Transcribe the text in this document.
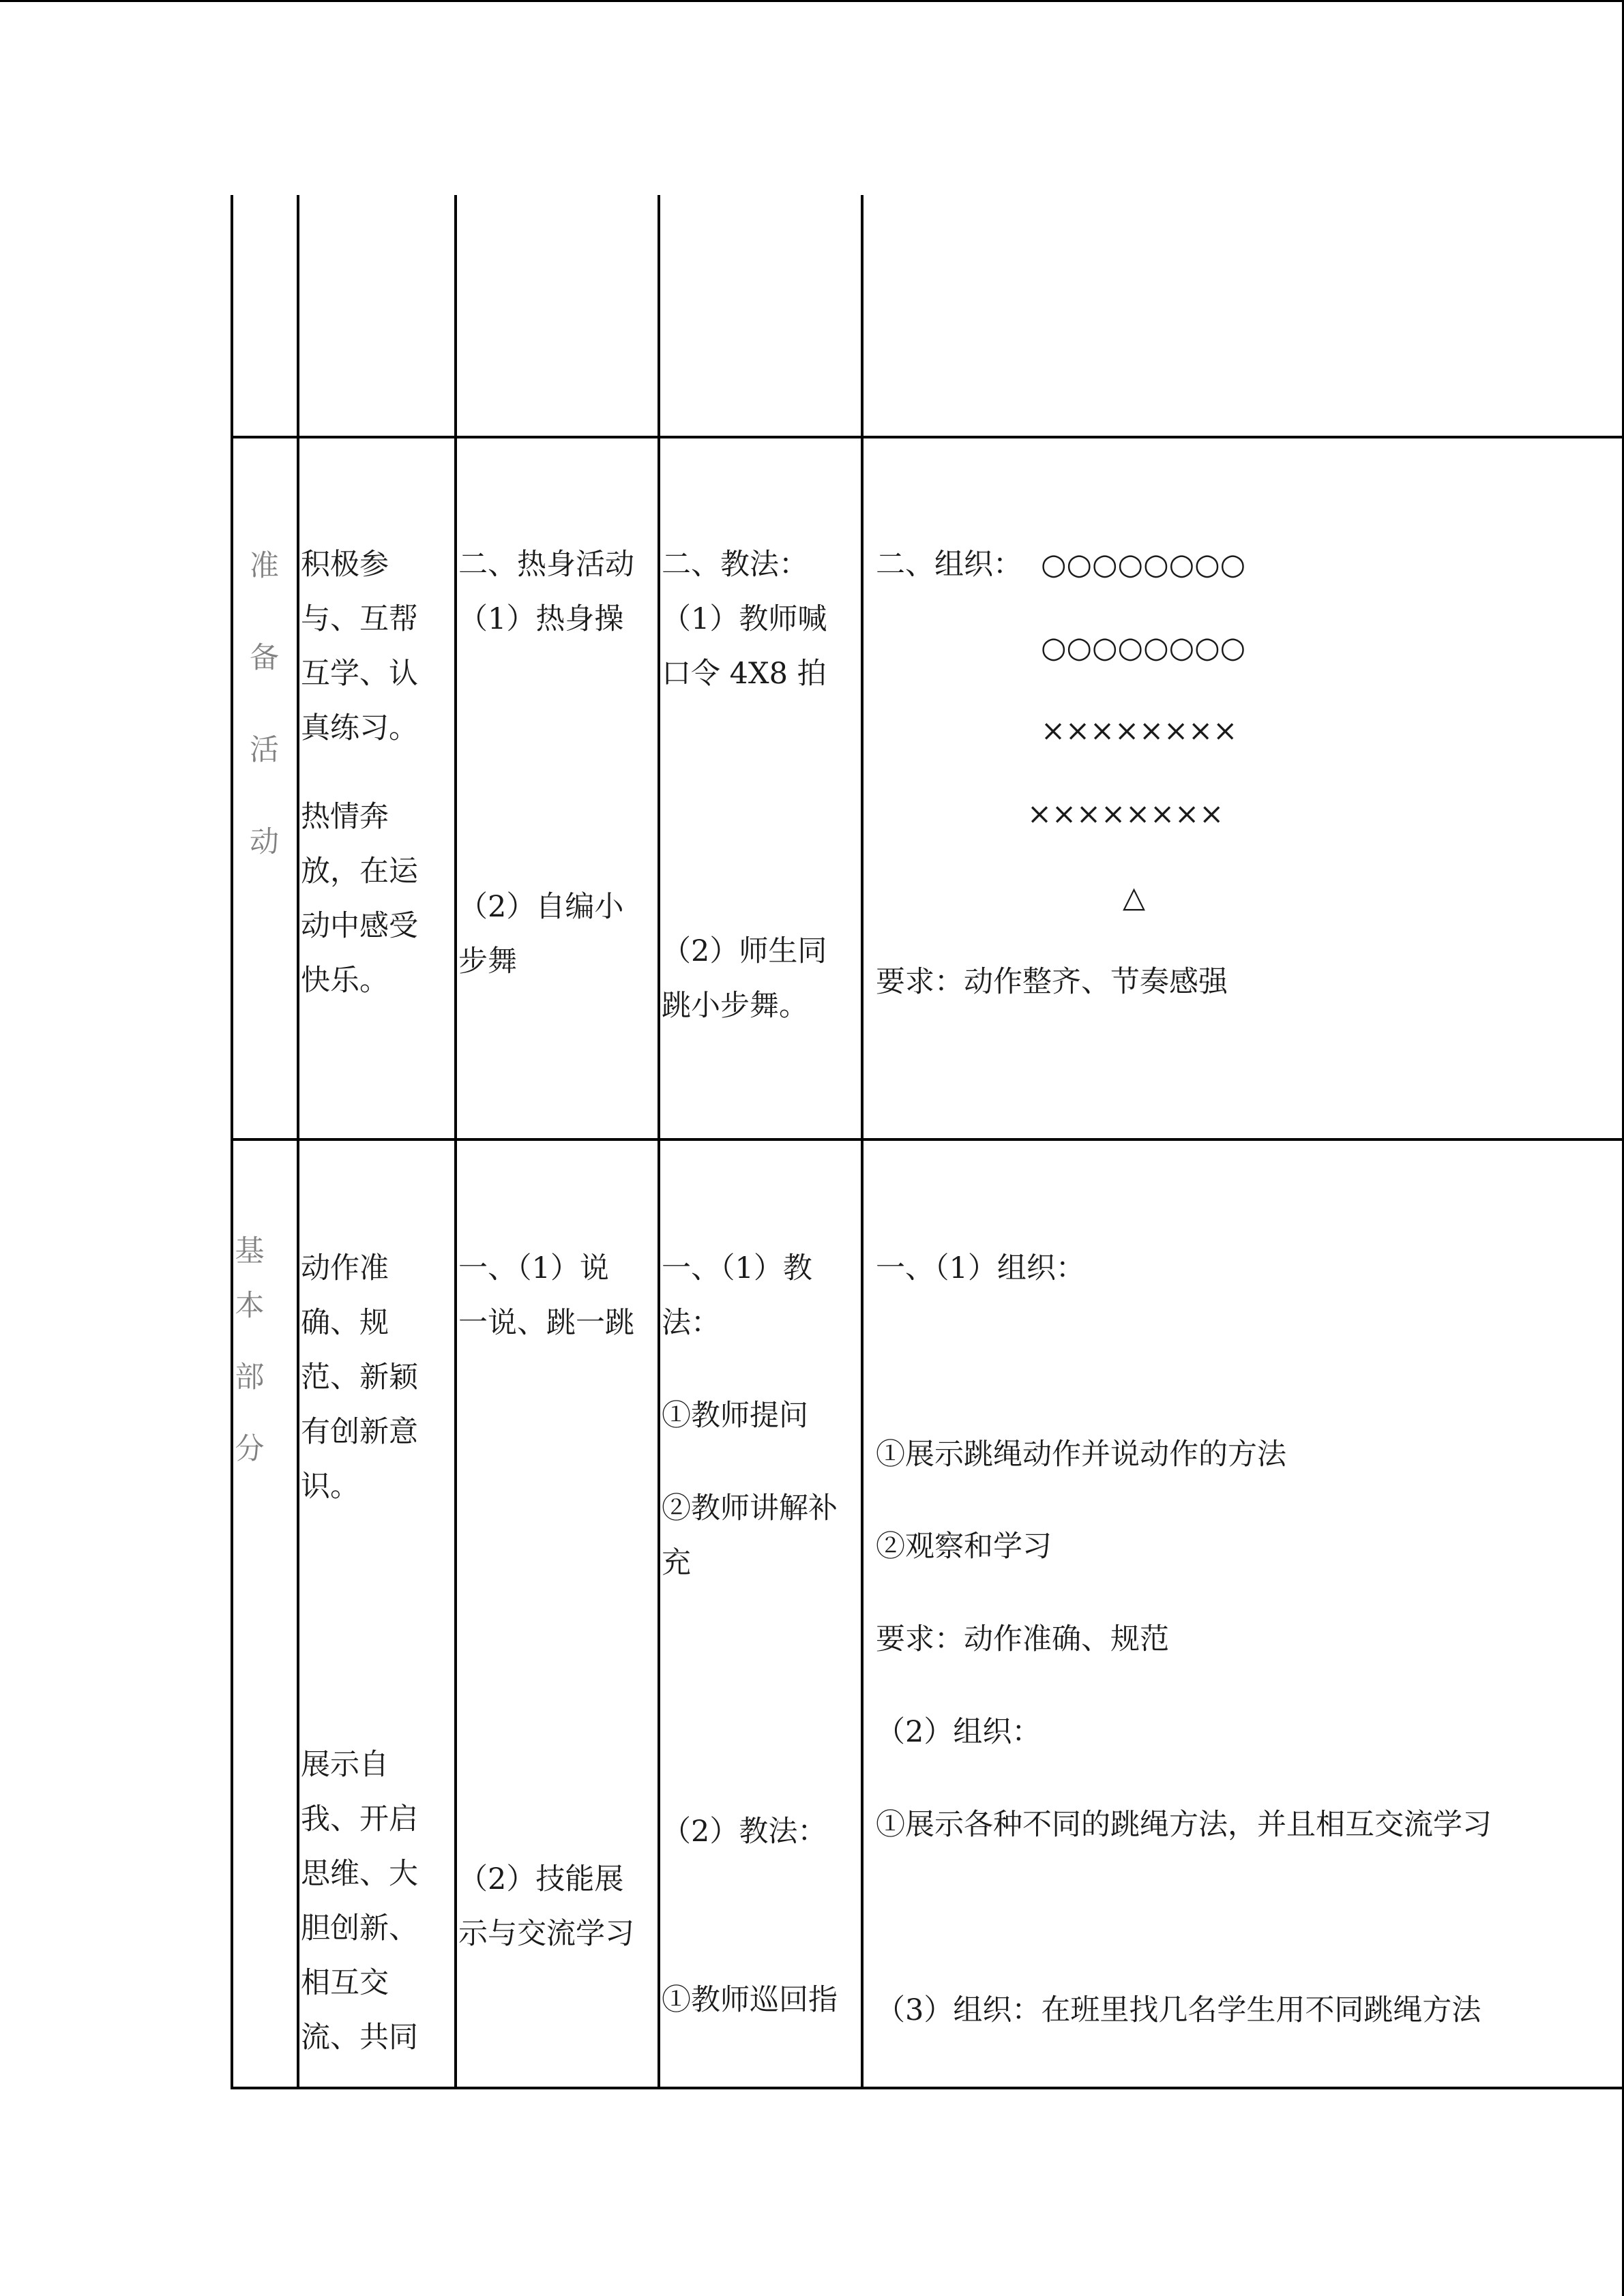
准
备
活
动
积极参
与、互帮
互学、认
真练习。
热情奔
放，在运
动中感受
快乐。
二、热身活动
（1）热身操
（2）自编小
步舞
二、教法：
（1）教师喊
口令 4X8 拍
（2）师生同
跳小步舞。
二、组织： ○○○○○○○○
○○○○○○○○
××××××××
××××××××
△
要求：动作整齐、节奏感强
基
本
部
分
动作准
确、规
范、新颖
有创新意
识。
展示自
我、开启
思维、大
胆创新、
相互交
流、共同
一、（1）说
一说、跳一跳
（2）技能展
示与交流学习
一、（1）教
法：
①教师提问
②教师讲解补
充
（2）教法：
①教师巡回指
一、（1）组织：
①展示跳绳动作并说动作的方法
②观察和学习
要求：动作准确、规范
（2）组织：
①展示各种不同的跳绳方法，并且相互交流学习
（3）组织：在班里找几名学生用不同跳绳方法
